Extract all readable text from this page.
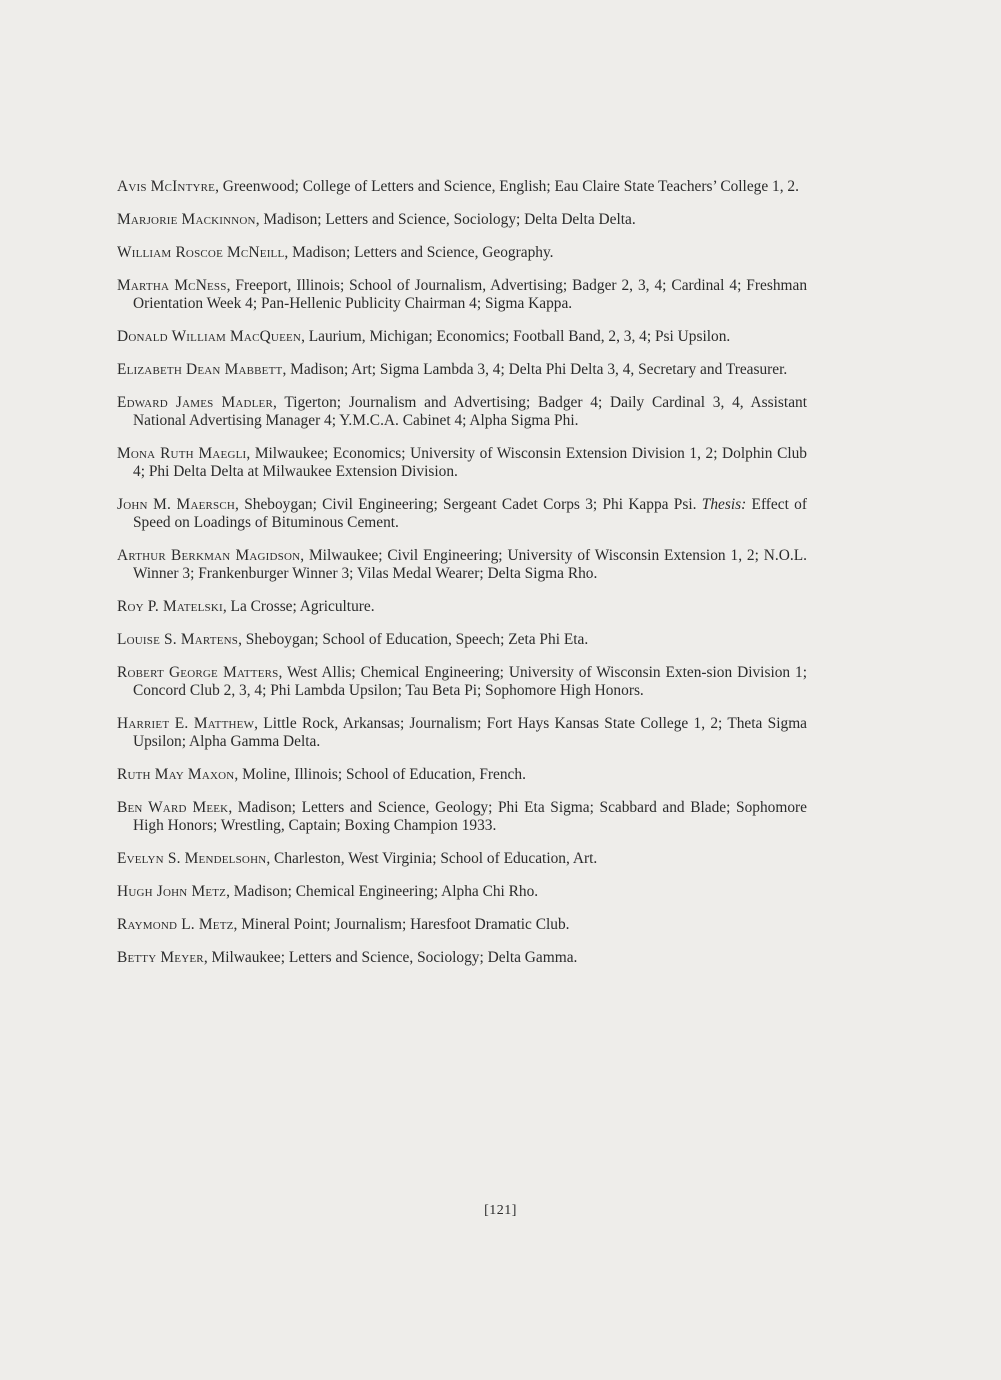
Avis McIntyre, Greenwood; College of Letters and Science, English; Eau Claire State Teachers’ College 1, 2.

Marjorie Mackinnon, Madison; Letters and Science, Sociology; Delta Delta Delta.

William Roscoe McNeill, Madison; Letters and Science, Geography.

Martha McNess, Freeport, Illinois; School of Journalism, Advertising; Badger 2, 3, 4; Cardinal 4; Freshman Orientation Week 4; Pan-Hellenic Publicity Chairman 4; Sigma Kappa.

Donald William MacQueen, Laurium, Michigan; Economics; Football Band, 2, 3, 4; Psi Upsilon.

Elizabeth Dean Mabbett, Madison; Art; Sigma Lambda 3, 4; Delta Phi Delta 3, 4, Secretary and Treasurer.

Edward James Madler, Tigerton; Journalism and Advertising; Badger 4; Daily Cardinal 3, 4, Assistant National Advertising Manager 4; Y.M.C.A. Cabinet 4; Alpha Sigma Phi.

Mona Ruth Maegli, Milwaukee; Economics; University of Wisconsin Extension Division 1, 2; Dolphin Club 4; Phi Delta Delta at Milwaukee Extension Division.

John M. Maersch, Sheboygan; Civil Engineering; Sergeant Cadet Corps 3; Phi Kappa Psi. Thesis: Effect of Speed on Loadings of Bituminous Cement.

Arthur Berkman Magidson, Milwaukee; Civil Engineering; University of Wisconsin Extension 1, 2; N.O.L. Winner 3; Frankenburger Winner 3; Vilas Medal Wearer; Delta Sigma Rho.

Roy P. Matelski, La Crosse; Agriculture.

Louise S. Martens, Sheboygan; School of Education, Speech; Zeta Phi Eta.

Robert George Matters, West Allis; Chemical Engineering; University of Wisconsin Exten-sion Division 1; Concord Club 2, 3, 4; Phi Lambda Upsilon; Tau Beta Pi; Sophomore High Honors.

Harriet E. Matthew, Little Rock, Arkansas; Journalism; Fort Hays Kansas State College 1, 2; Theta Sigma Upsilon; Alpha Gamma Delta.

Ruth May Maxon, Moline, Illinois; School of Education, French.

Ben Ward Meek, Madison; Letters and Science, Geology; Phi Eta Sigma; Scabbard and Blade; Sophomore High Honors; Wrestling, Captain; Boxing Champion 1933.

Evelyn S. Mendelsohn, Charleston, West Virginia; School of Education, Art.

Hugh John Metz, Madison; Chemical Engineering; Alpha Chi Rho.

Raymond L. Metz, Mineral Point; Journalism; Haresfoot Dramatic Club.

Betty Meyer, Milwaukee; Letters and Science, Sociology; Delta Gamma.

[121]
